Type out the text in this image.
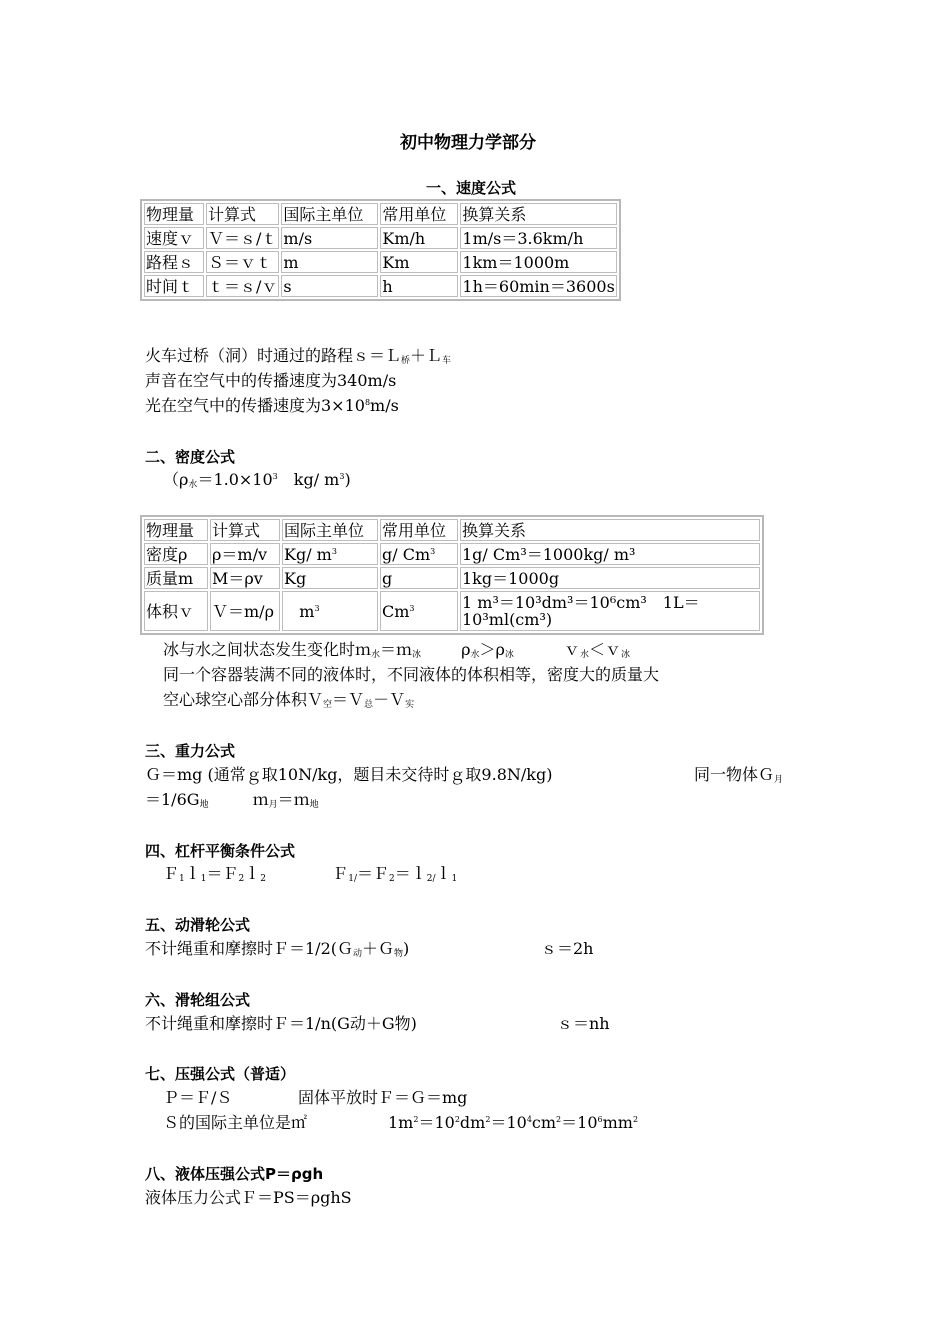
初中物理力学部分
一、速度公式
物理量	计算式	国际主单位	常用单位	换算关系
速度ｖ	Ｖ＝ｓ/ｔ	m/s	Km/h	1m/s＝3.6km/h
路程ｓ	Ｓ＝ｖｔ	m	Km	1km＝1000m
时间ｔ	ｔ＝ｓ/ｖ	s	h	1h＝60min＝3600s
火车过桥（洞）时通过的路程ｓ＝Ｌ$_桥$＋Ｌ$_车$
声音在空气中的传播速度为340m/s
光在空气中的传播速度为$3\times 10^8m/s$
二、密度公式
（$\rho_水=1.0\times 10^3$　kg/ $m^3$)
物理量	计算式	国际主单位	常用单位	换算关系
密度ρ	ρ＝m/v	Kg/ $m^3$	g/ Cm$^3$	1g/ Cm³＝1000kg/ m³
质量m	M＝ρv	Kg	g	1kg＝1000g
体积ｖ	Ｖ＝m/ρ	$m^3$	Cm$^3$	1 m³＝10³dm³＝10⁶cm³　1L＝
10³ml(cm³)
冰与水之间状态发生变化时ｍ$_水$＝ｍ$_冰$	$\rho_水>\rho_冰$	ｖ$_水$＜ｖ$_冰$
同一个容器装满不同的液体时，不同液体的体积相等，密度大的质量大
空心球空心部分体积Ｖ$_空$＝Ｖ$_总$－Ｖ$_实$
三、重力公式
Ｇ＝mg (通常ｇ取10N/kg，题目未交待时ｇ取9.8N/kg)	同一物体Ｇ$_月$
$=1/6G_地$	ｍ$_月$＝ｍ$_地$
四、杠杆平衡条件公式
Ｆ$_1$ｌ$_1$＝Ｆ$_2$ｌ$_2$	Ｆ$_{1/}$＝Ｆ$_2$＝ｌ$_{2/}$ｌ$_1$
五、动滑轮公式
不计绳重和摩擦时Ｆ＝1/2(Ｇ$_动$＋Ｇ$_物$)	ｓ＝2h
六、滑轮组公式
不计绳重和摩擦时Ｆ＝1/n(G动＋G物)	ｓ＝nh
七、压强公式（普适）
Ｐ＝Ｆ/Ｓ	固体平放时Ｆ＝Ｇ＝mg
Ｓ的国际主单位是㎡	$1m^2=10^2dm^2=10^4cm^2=10^6mm^2$
八、液体压强公式P＝ρgh
液体压力公式Ｆ＝PS＝ρghS
